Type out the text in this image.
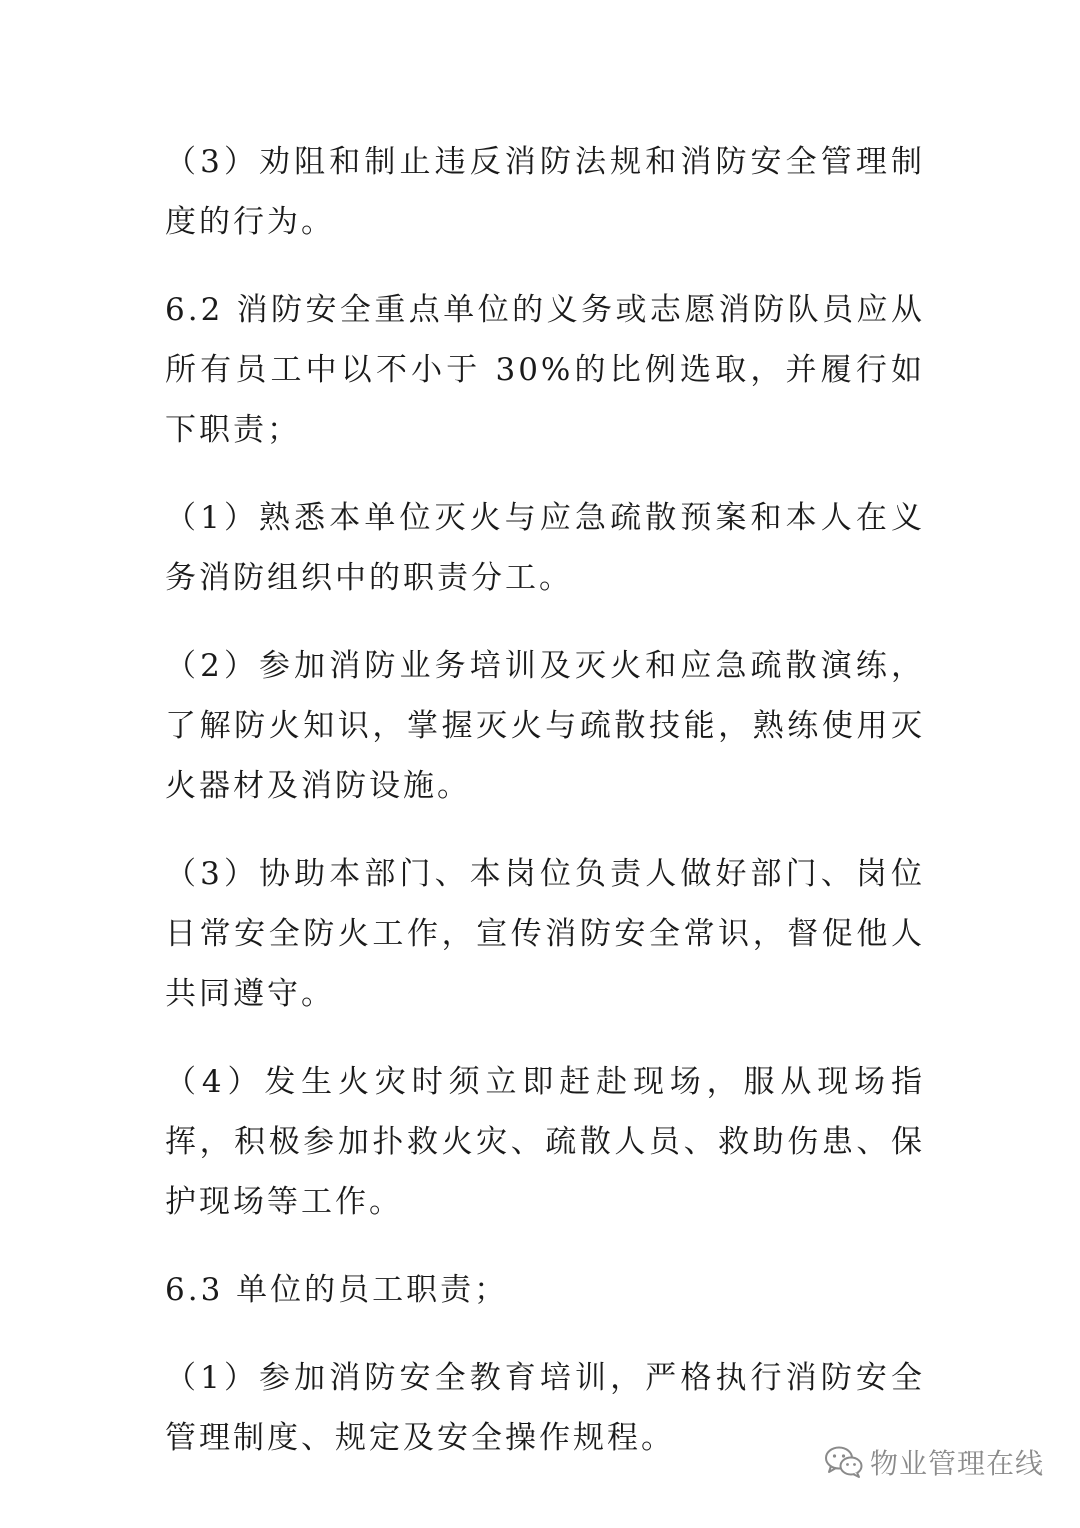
（3）劝阻和制止违反消防法规和消防安全管理制度的行为。

6.2 消防安全重点单位的义务或志愿消防队员应从所有员工中以不小于 30%的比例选取，并履行如下职责；

（1）熟悉本单位灭火与应急疏散预案和本人在义务消防组织中的职责分工。

（2）参加消防业务培训及灭火和应急疏散演练，了解防火知识，掌握灭火与疏散技能，熟练使用灭火器材及消防设施。

（3）协助本部门、本岗位负责人做好部门、岗位日常安全防火工作，宣传消防安全常识，督促他人共同遵守。

（4）发生火灾时须立即赶赴现场，服从现场指挥，积极参加扑救火灾、疏散人员、救助伤患、保护现场等工作。

6.3 单位的员工职责；

（1）参加消防安全教育培训，严格执行消防安全管理制度、规定及安全操作规程。

物业管理在线
